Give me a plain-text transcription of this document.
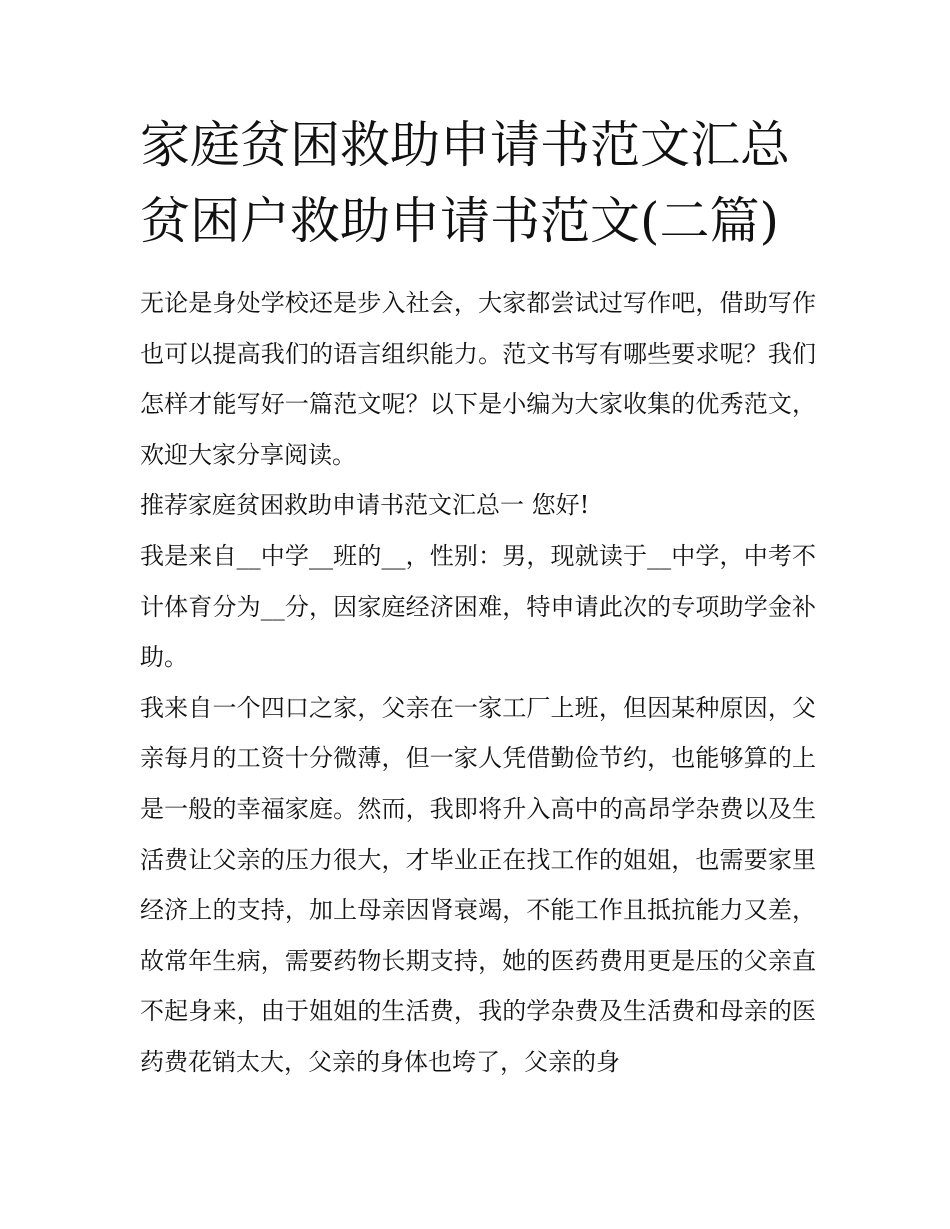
家庭贫困救助申请书范文汇总
贫困户救助申请书范文(二篇)

无论是身处学校还是步入社会，大家都尝试过写作吧，借助写作也可以提高我们的语言组织能力。范文书写有哪些要求呢？我们怎样才能写好一篇范文呢？以下是小编为大家收集的优秀范文，欢迎大家分享阅读。

推荐家庭贫困救助申请书范文汇总一 您好!

我是来自__中学__班的__，性别：男，现就读于__中学，中考不计体育分为__分，因家庭经济困难，特申请此次的专项助学金补助。

我来自一个四口之家，父亲在一家工厂上班，但因某种原因，父亲每月的工资十分微薄，但一家人凭借勤俭节约，也能够算的上是一般的幸福家庭。然而，我即将升入高中的高昂学杂费以及生活费让父亲的压力很大，才毕业正在找工作的姐姐，也需要家里经济上的支持，加上母亲因肾衰竭，不能工作且抵抗能力又差，故常年生病，需要药物长期支持，她的医药费用更是压的父亲直不起身来，由于姐姐的生活费，我的学杂费及生活费和母亲的医药费花销太大，父亲的身体也垮了，父亲的身
